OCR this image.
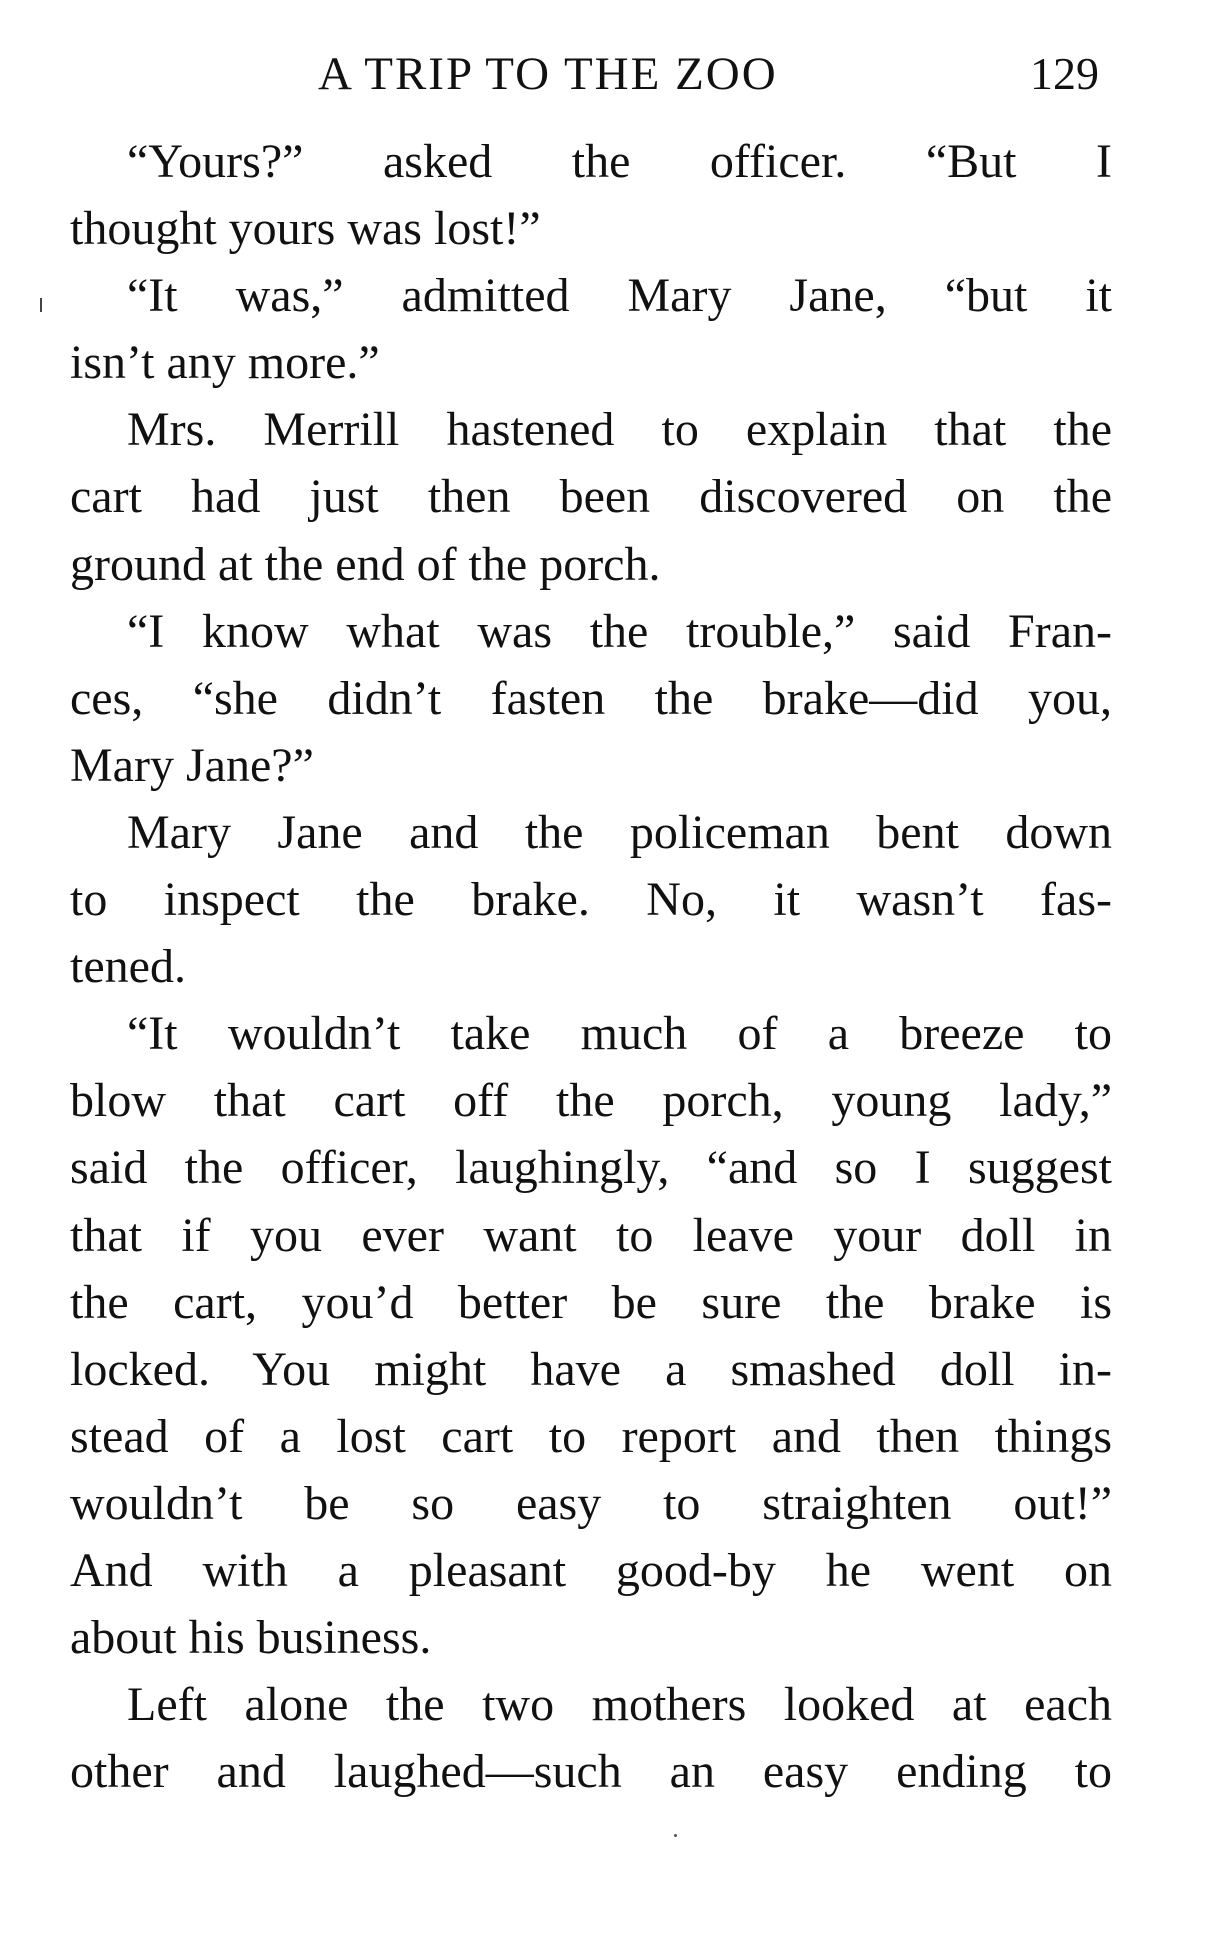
A TRIP TO THE ZOO	129
“Yours?” asked the officer. “But I
thought yours was lost!”
“It was,” admitted Mary Jane, “but it
isn’t any more.”
Mrs. Merrill hastened to explain that the
cart had just then been discovered on the
ground at the end of the porch.
“I know what was the trouble,” said Fran-
ces, “she didn’t fasten the brake—did you,
Mary Jane?”
Mary Jane and the policeman bent down
to inspect the brake. No, it wasn’t fas-
tened.
“It wouldn’t take much of a breeze to
blow that cart off the porch, young lady,”
said the officer, laughingly, “and so I suggest
that if you ever want to leave your doll in
the cart, you’d better be sure the brake is
locked. You might have a smashed doll in-
stead of a lost cart to report and then things
wouldn’t be so easy to straighten out!”
And with a pleasant good-by he went on
about his business.
Left alone the two mothers looked at each
other and laughed—such an easy ending to
